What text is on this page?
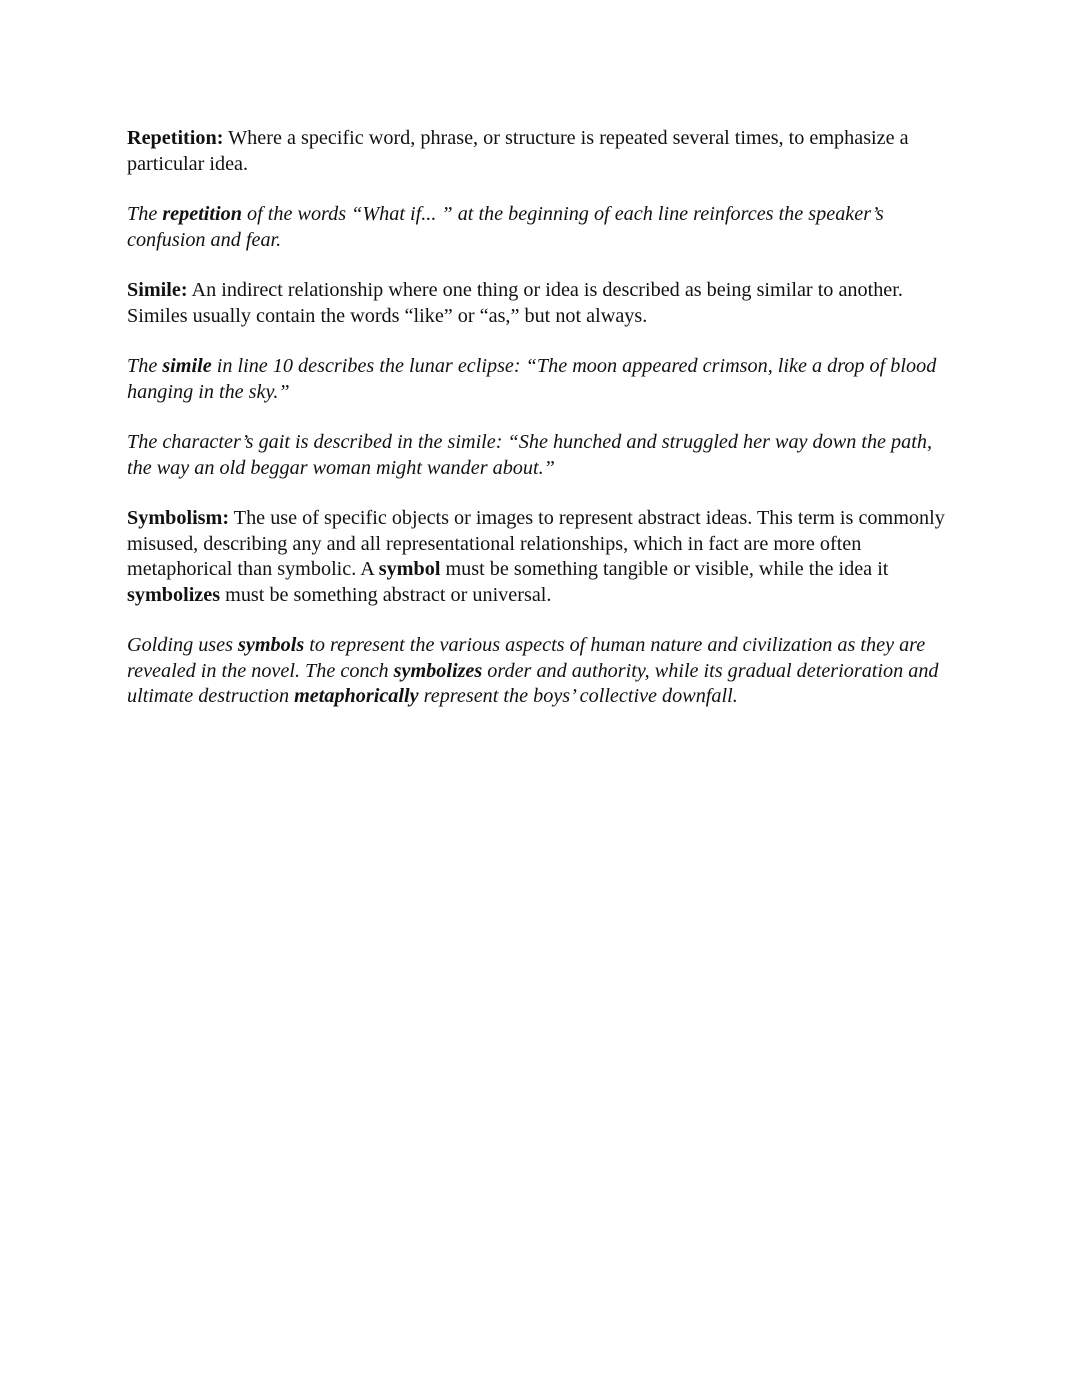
Repetition: Where a specific word, phrase, or structure is repeated several times, to emphasize a particular idea.

The repetition of the words “What if... ” at the beginning of each line reinforces the speaker’s confusion and fear.

Simile: An indirect relationship where one thing or idea is described as being similar to another. Similes usually contain the words “like” or “as,” but not always.

The simile in line 10 describes the lunar eclipse: “The moon appeared crimson, like a drop of blood hanging in the sky.”

The character’s gait is described in the simile: “She hunched and struggled her way down the path, the way an old beggar woman might wander about.”

Symbolism: The use of specific objects or images to represent abstract ideas. This term is commonly misused, describing any and all representational relationships, which in fact are more often metaphorical than symbolic. A symbol must be something tangible or visible, while the idea it symbolizes must be something abstract or universal.

Golding uses symbols to represent the various aspects of human nature and civilization as they are revealed in the novel. The conch symbolizes order and authority, while its gradual deterioration and ultimate destruction metaphorically represent the boys’ collective downfall.
